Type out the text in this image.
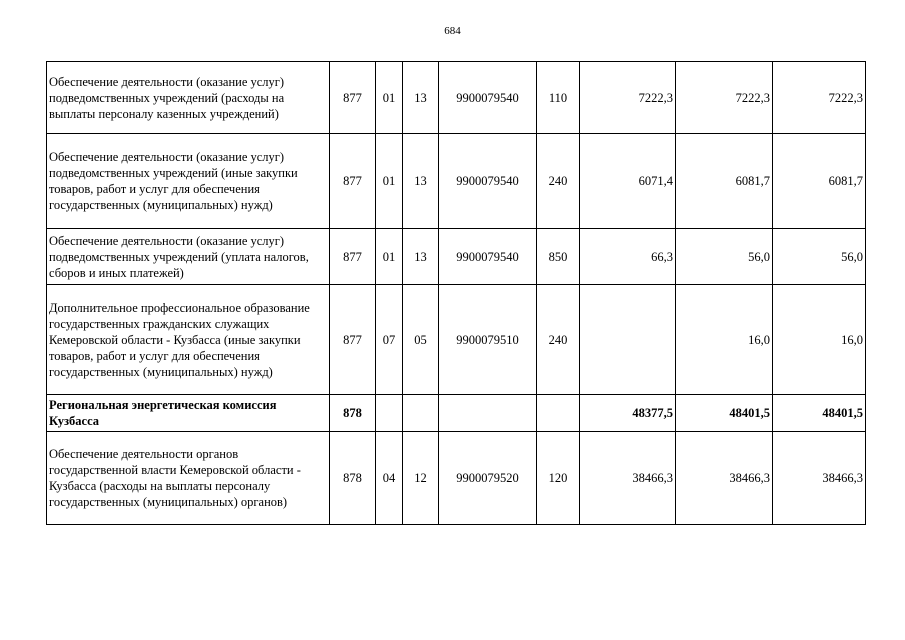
684
Обеспечение деятельности (оказание услуг) подведомственных учреждений (расходы на выплаты персоналу казенных учреждений)	877	01	13	9900079540	110	7222,3	7222,3	7222,3
Обеспечение деятельности (оказание услуг) подведомственных учреждений (иные закупки товаров, работ и услуг для обеспечения государственных (муниципальных) нужд)	877	01	13	9900079540	240	6071,4	6081,7	6081,7
Обеспечение деятельности (оказание услуг) подведомственных учреждений (уплата налогов, сборов и иных платежей)	877	01	13	9900079540	850	66,3	56,0	56,0
Дополнительное профессиональное образование государственных гражданских служащих Кемеровской области - Кузбасса (иные закупки товаров, работ и услуг для обеспечения государственных (муниципальных) нужд)	877	07	05	9900079510	240		16,0	16,0
Региональная энергетическая комиссия Кузбасса	878					48377,5	48401,5	48401,5
Обеспечение деятельности органов государственной власти Кемеровской области - Кузбасса (расходы на выплаты персоналу государственных (муниципальных) органов)	878	04	12	9900079520	120	38466,3	38466,3	38466,3
